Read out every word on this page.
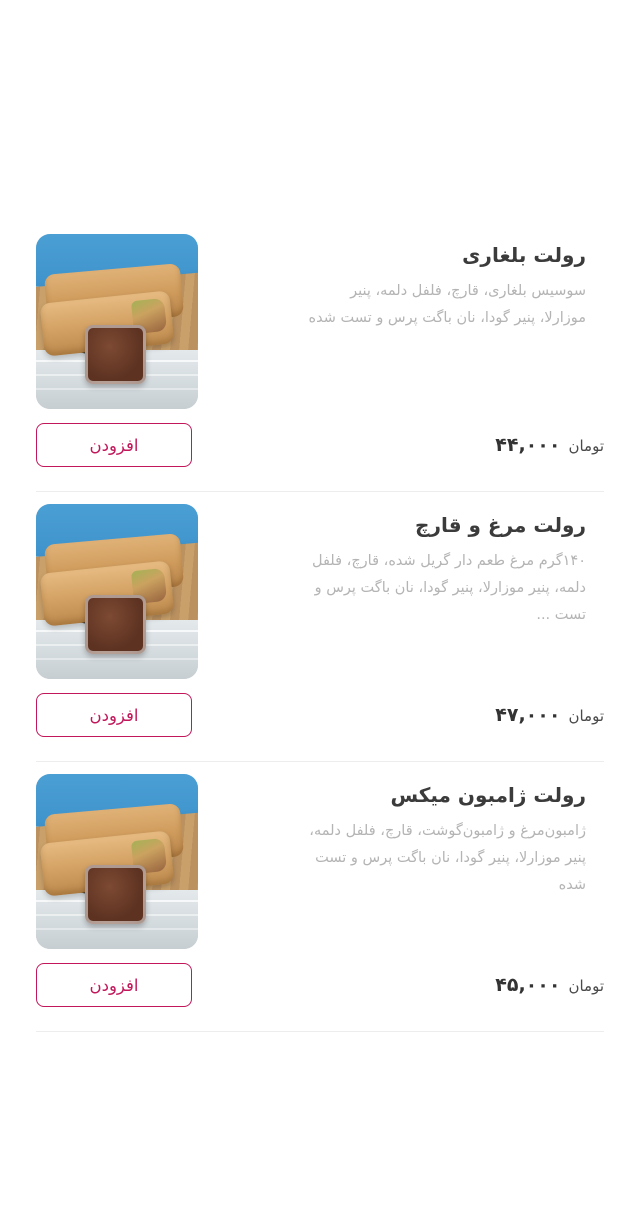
رولت بلغاری
سوسیس بلغاری، قارچ، فلفل دلمه، پنیر موزارلا، پنیر گودا، نان باگت پرس و تست شده
تومان
۴۴,۰۰۰
افزودن
رولت مرغ و قارچ
۱۴۰گرم مرغ طعم دار گریل شده، قارچ، فلفل دلمه، پنیر موزارلا، پنیر گودا، نان باگت پرس و تست ...
تومان
۴۷,۰۰۰
افزودن
رولت ژامبون میکس
ژامبون‌مرغ و ژامبون‌گوشت، قارچ، فلفل دلمه، پنیر موزارلا، پنیر گودا، نان باگت پرس و تست شده
تومان
۴۵,۰۰۰
افزودن
